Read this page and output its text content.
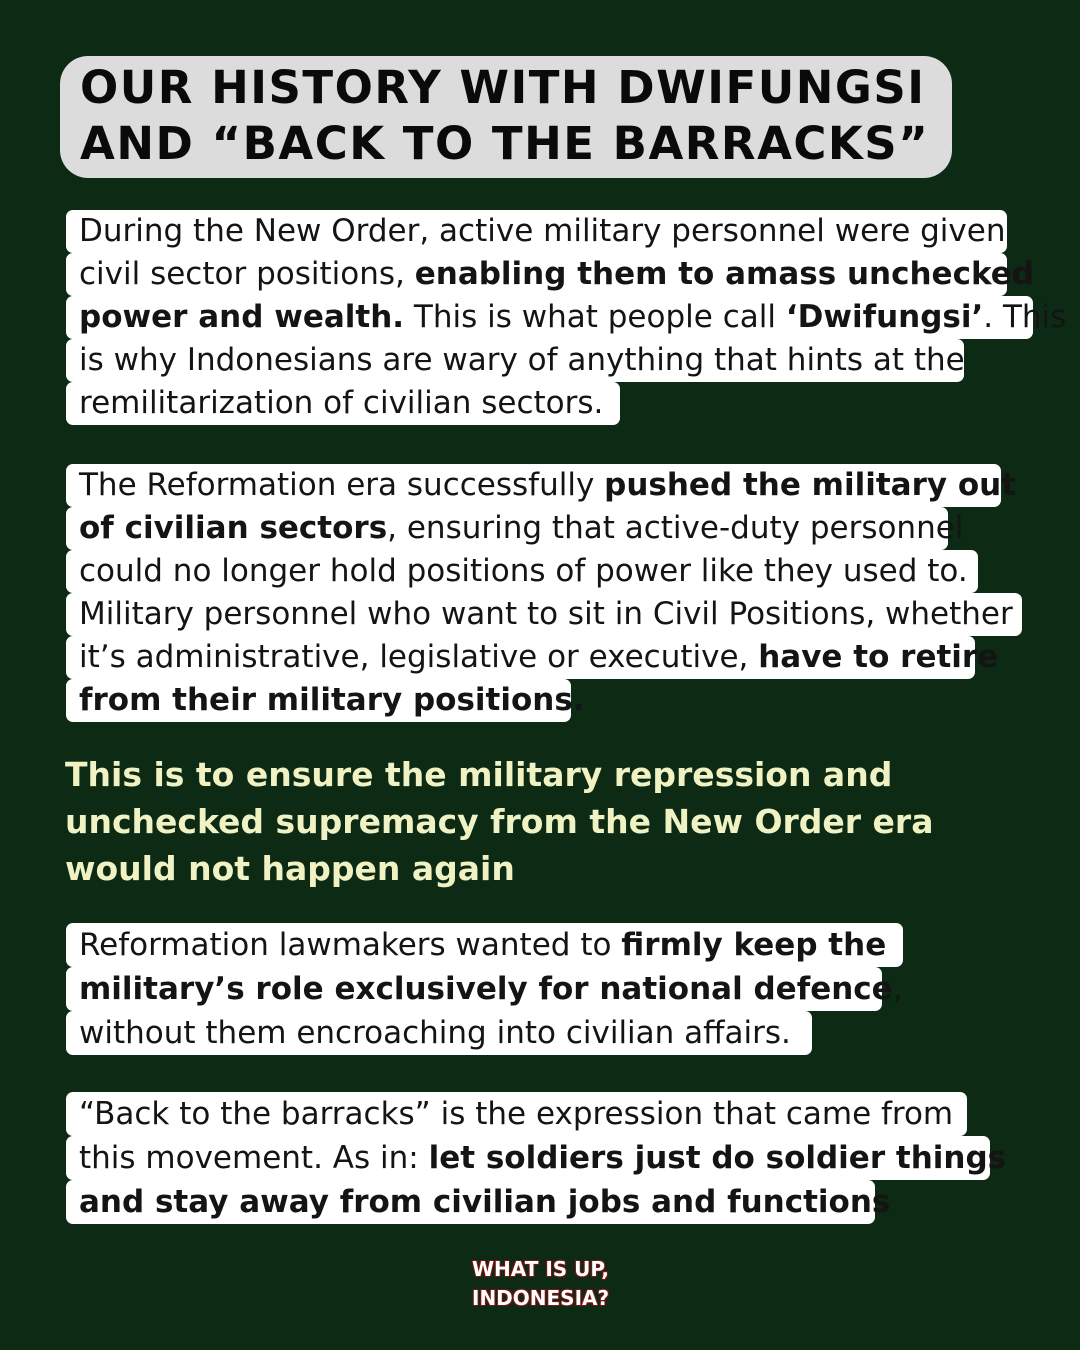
OUR HISTORY WITH DWIFUNGSI
AND “BACK TO THE BARRACKS”
During the New Order, active military personnel were given
civil sector positions, enabling them to amass unchecked
power and wealth. This is what people call ‘Dwifungsi’. This
is why Indonesians are wary of anything that hints at the
remilitarization of civilian sectors.
The Reformation era successfully pushed the military out
of civilian sectors, ensuring that active-duty personnel
could no longer hold positions of power like they used to.
Military personnel who want to sit in Civil Positions, whether
it’s administrative, legislative or executive, have to retire
from their military positions.
This is to ensure the military repression and
unchecked supremacy from the New Order era
would not happen again
Reformation lawmakers wanted to firmly keep the
military’s role exclusively for national defence,
without them encroaching into civilian affairs.
“Back to the barracks” is the expression that came from
this movement. As in: let soldiers just do soldier things
and stay away from civilian jobs and functions
WHAT IS UP,
INDONESIA?
